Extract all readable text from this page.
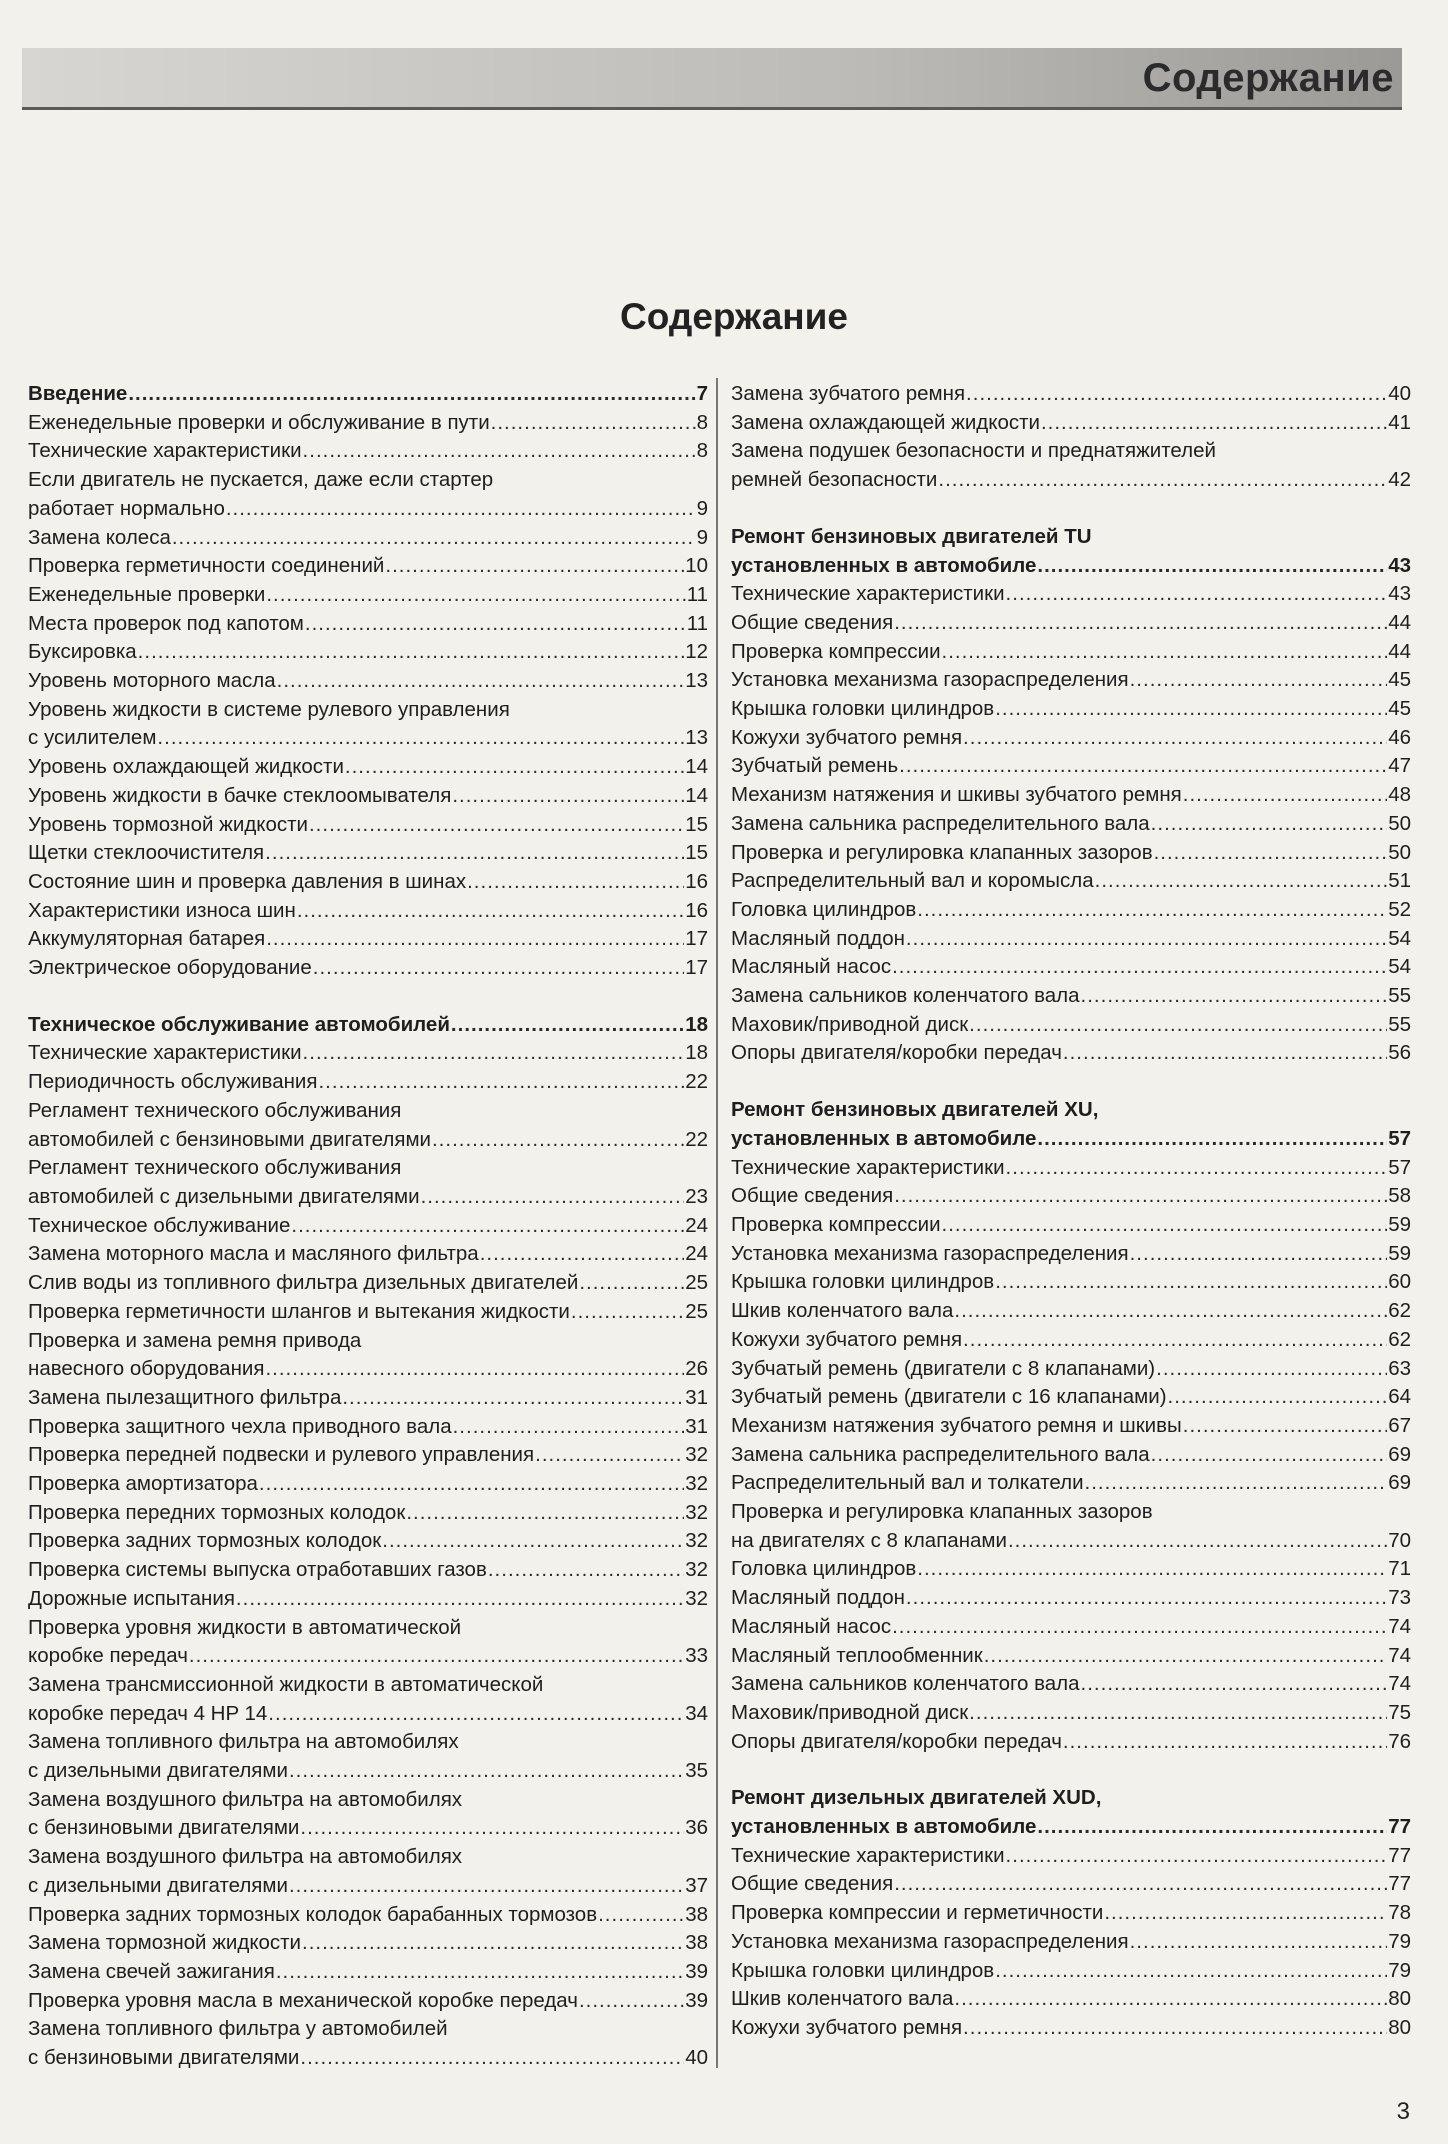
Содержание
Содержание
Введение .....	7
Еженедельные проверки и обслуживание в пути .....	8
Технические характеристики .....	8
Если двигатель не пускается, даже если стартер
работает нормально .....	9
Замена колеса .....	9
Проверка герметичности соединений .....	10
Еженедельные проверки .....	11
Места проверок под капотом .....	11
Буксировка .....	12
Уровень моторного масла .....	13
Уровень жидкости в системе рулевого управления
с усилителем .....	13
Уровень охлаждающей жидкости .....	14
Уровень жидкости в бачке стеклоомывателя .....	14
Уровень тормозной жидкости .....	15
Щетки стеклоочистителя .....	15
Состояние шин и проверка давления в шинах .....	16
Характеристики износа шин .....	16
Аккумуляторная батарея .....	17
Электрическое оборудование .....	17
Техническое обслуживание автомобилей .....	18
Технические характеристики .....	18
Периодичность обслуживания .....	22
Регламент технического обслуживания
автомобилей с бензиновыми двигателями .....	22
Регламент технического обслуживания
автомобилей с дизельными двигателями .....	23
Техническое обслуживание .....	24
Замена моторного масла и масляного фильтра .....	24
Слив воды из топливного фильтра дизельных двигателей .....	25
Проверка герметичности шлангов и вытекания жидкости .....	25
Проверка и замена ремня привода
навесного оборудования .....	26
Замена пылезащитного фильтра .....	31
Проверка защитного чехла приводного вала .....	31
Проверка передней подвески и рулевого управления .....	32
Проверка амортизатора .....	32
Проверка передних тормозных колодок .....	32
Проверка задних тормозных колодок .....	32
Проверка системы выпуска отработавших газов .....	32
Дорожные испытания .....	32
Проверка уровня жидкости в автоматической
коробке передач .....	33
Замена трансмиссионной жидкости в автоматической
коробке передач 4 HP 14 .....	34
Замена топливного фильтра на автомобилях
с дизельными двигателями .....	35
Замена воздушного фильтра на автомобилях
с бензиновыми двигателями .....	36
Замена воздушного фильтра на автомобилях
с дизельными двигателями .....	37
Проверка задних тормозных колодок барабанных тормозов .....	38
Замена тормозной жидкости .....	38
Замена свечей зажигания .....	39
Проверка уровня масла в механической коробке передач .....	39
Замена топливного фильтра у автомобилей
с бензиновыми двигателями .....	40
Замена зубчатого ремня .....	40
Замена охлаждающей жидкости .....	41
Замена подушек безопасности и преднатяжителей
ремней безопасности .....	42
Ремонт бензиновых двигателей TU
установленных в автомобиле .....	43
Технические характеристики .....	43
Общие сведения .....	44
Проверка компрессии .....	44
Установка механизма газораспределения .....	45
Крышка головки цилиндров .....	45
Кожухи зубчатого ремня .....	46
Зубчатый ремень .....	47
Механизм натяжения и шкивы зубчатого ремня .....	48
Замена сальника распределительного вала .....	50
Проверка и регулировка клапанных зазоров .....	50
Распределительный вал и коромысла .....	51
Головка цилиндров .....	52
Масляный поддон .....	54
Масляный насос .....	54
Замена сальников коленчатого вала .....	55
Маховик/приводной диск .....	55
Опоры двигателя/коробки передач .....	56
Ремонт бензиновых двигателей XU,
установленных в автомобиле .....	57
Технические характеристики .....	57
Общие сведения .....	58
Проверка компрессии .....	59
Установка механизма газораспределения .....	59
Крышка головки цилиндров .....	60
Шкив коленчатого вала .....	62
Кожухи зубчатого ремня .....	62
Зубчатый ремень (двигатели с 8 клапанами) .....	63
Зубчатый ремень (двигатели с 16 клапанами) .....	64
Механизм натяжения зубчатого ремня и шкивы .....	67
Замена сальника распределительного вала .....	69
Распределительный вал и толкатели .....	69
Проверка и регулировка клапанных зазоров
на двигателях с 8 клапанами .....	70
Головка цилиндров .....	71
Масляный поддон .....	73
Масляный насос .....	74
Масляный теплообменник .....	74
Замена сальников коленчатого вала .....	74
Маховик/приводной диск .....	75
Опоры двигателя/коробки передач .....	76
Ремонт дизельных двигателей XUD,
установленных в автомобиле .....	77
Технические характеристики .....	77
Общие сведения .....	77
Проверка компрессии и герметичности .....	78
Установка механизма газораспределения .....	79
Крышка головки цилиндров .....	79
Шкив коленчатого вала .....	80
Кожухи зубчатого ремня .....	80
3
